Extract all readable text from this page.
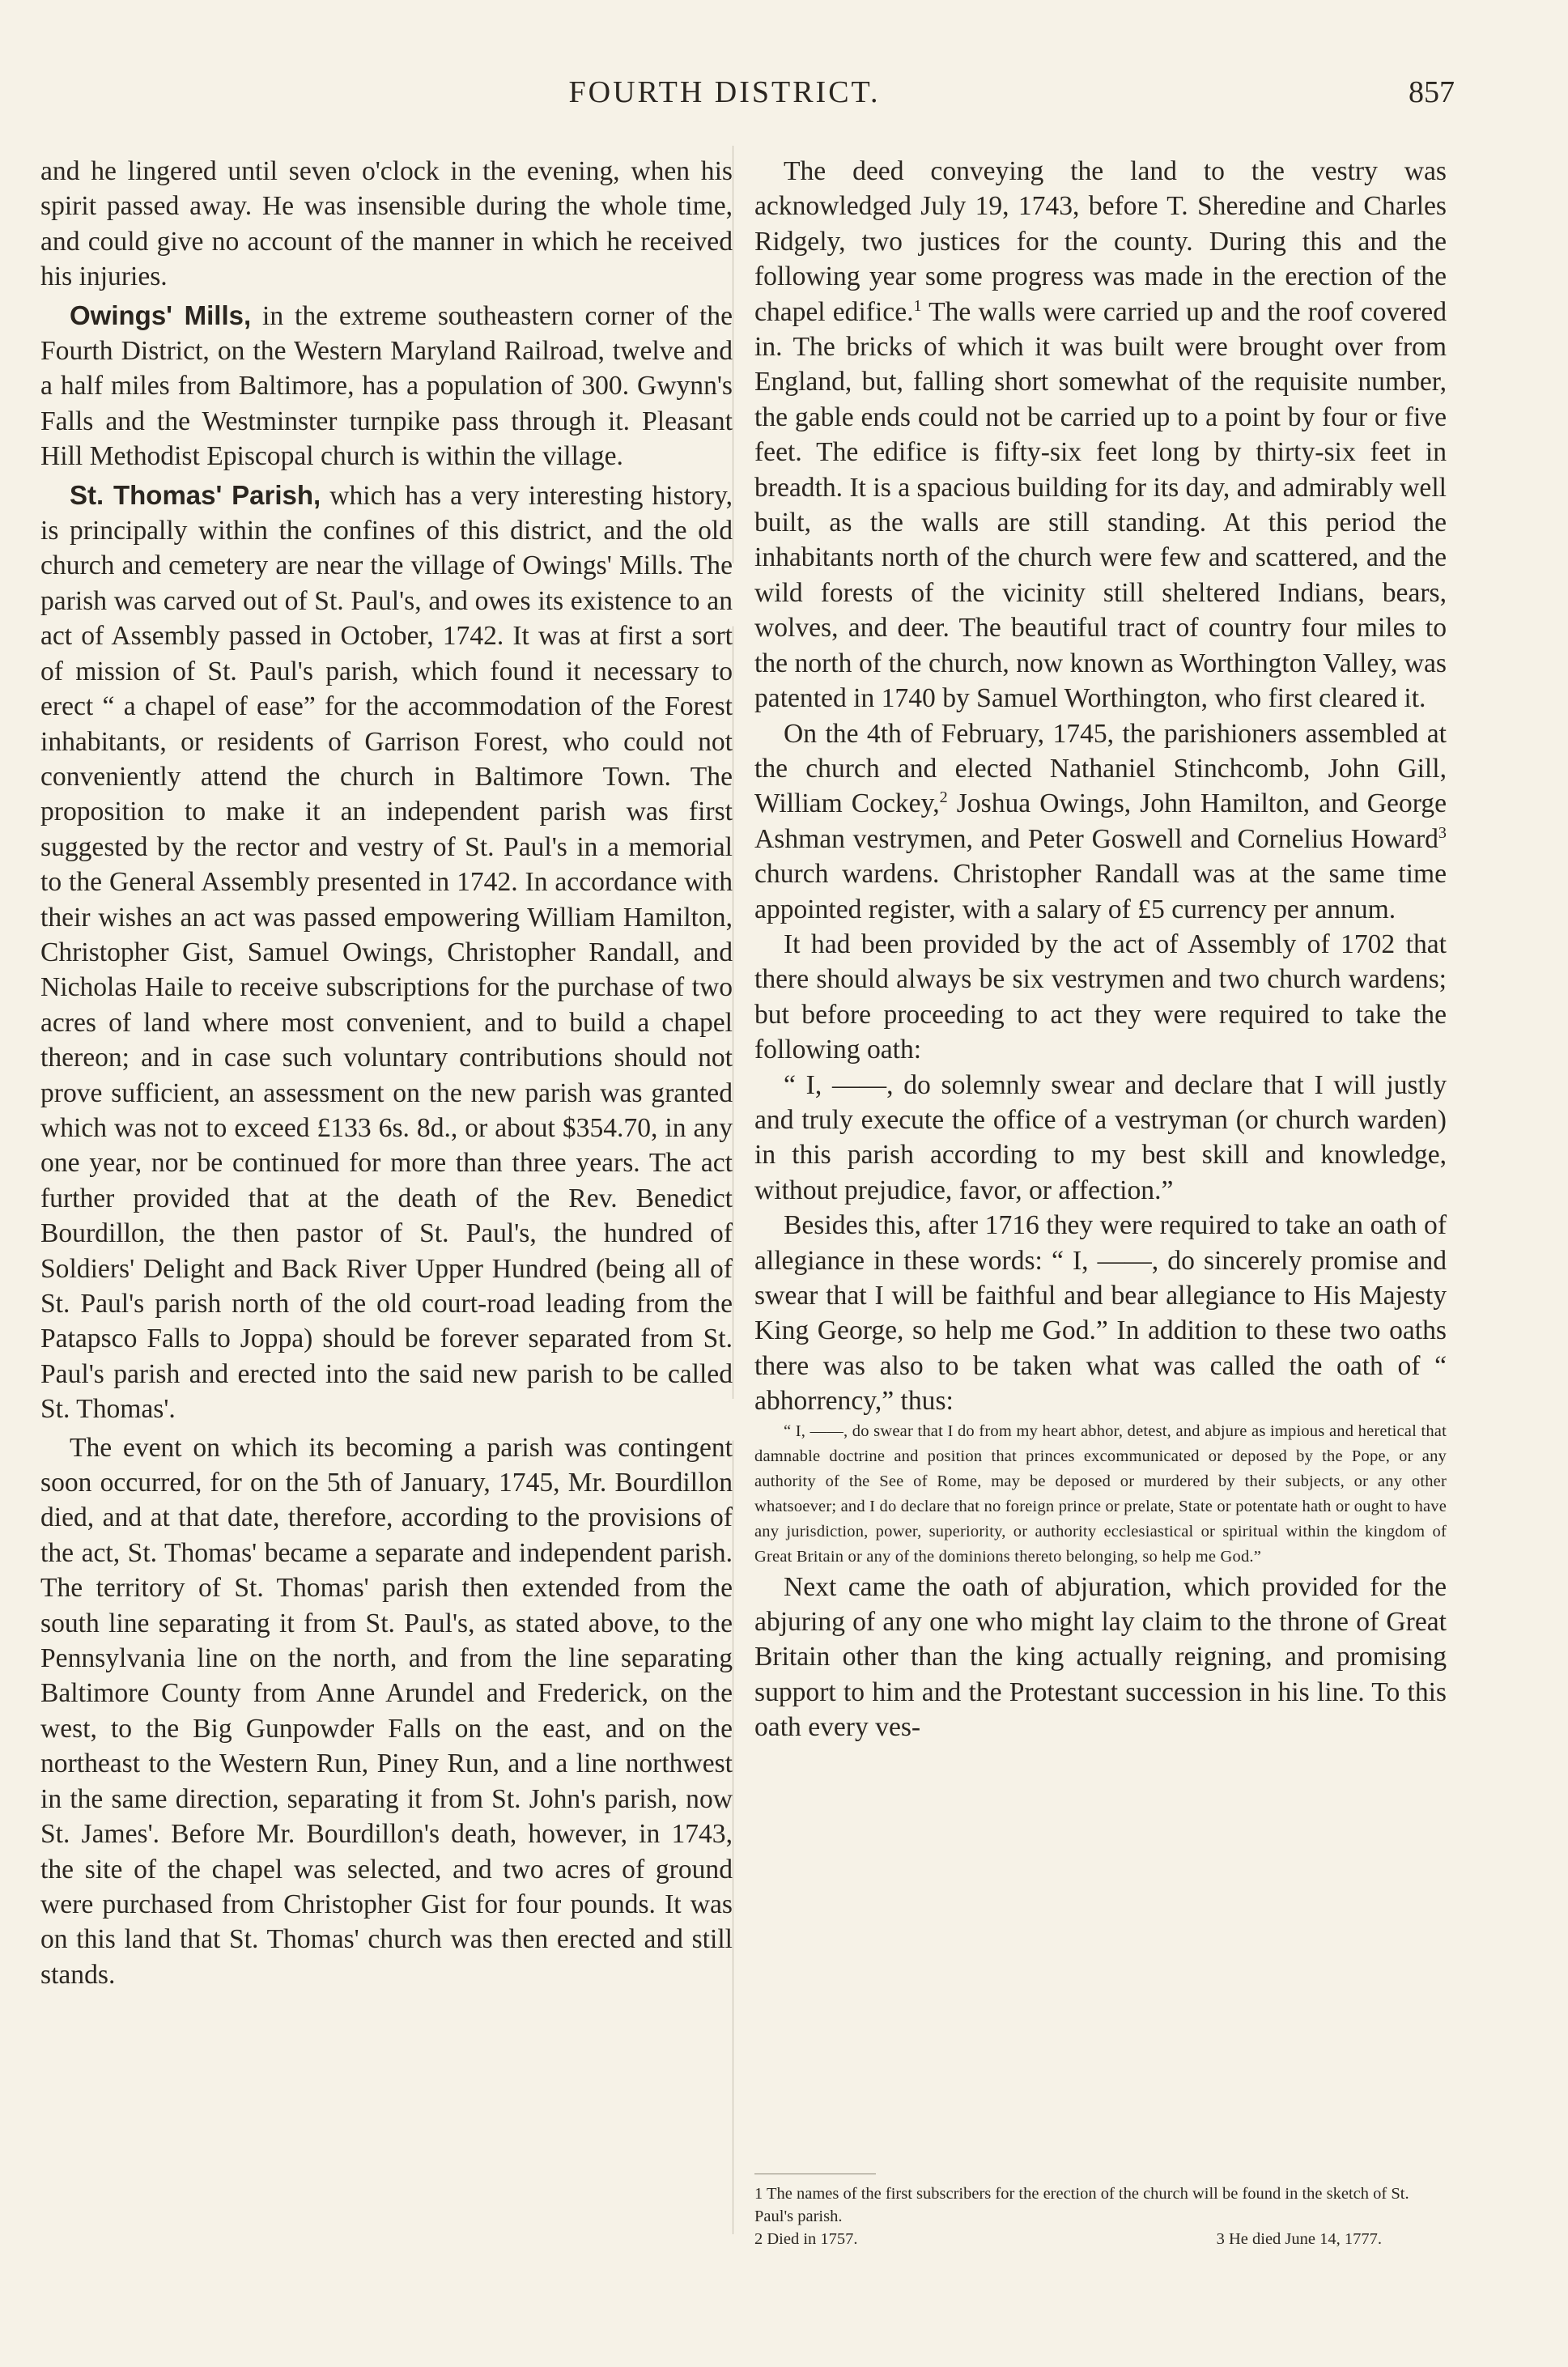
FOURTH DISTRICT.	857

and he lingered until seven o'clock in the evening, when his spirit passed away. He was insensible during the whole time, and could give no account of the manner in which he received his injuries.

Owings' Mills, in the extreme southeastern corner of the Fourth District, on the Western Maryland Railroad, twelve and a half miles from Baltimore, has a population of 300. Gwynn's Falls and the Westminster turnpike pass through it. Pleasant Hill Methodist Episcopal church is within the village.

St. Thomas' Parish, which has a very interesting history, is principally within the confines of this district, and the old church and cemetery are near the village of Owings' Mills. The parish was carved out of St. Paul's, and owes its existence to an act of Assembly passed in October, 1742. It was at first a sort of mission of St. Paul's parish, which found it necessary to erect “ a chapel of ease” for the accommodation of the Forest inhabitants, or residents of Garrison Forest, who could not conveniently attend the church in Baltimore Town. The proposition to make it an independent parish was first suggested by the rector and vestry of St. Paul's in a memorial to the General Assembly presented in 1742. In accordance with their wishes an act was passed empowering William Hamilton, Christopher Gist, Samuel Owings, Christopher Randall, and Nicholas Haile to receive subscriptions for the purchase of two acres of land where most convenient, and to build a chapel thereon; and in case such voluntary contributions should not prove sufficient, an assessment on the new parish was granted which was not to exceed £133 6s. 8d., or about $354.70, in any one year, nor be continued for more than three years. The act further provided that at the death of the Rev. Benedict Bourdillon, the then pastor of St. Paul's, the hundred of Soldiers' Delight and Back River Upper Hundred (being all of St. Paul's parish north of the old court-road leading from the Patapsco Falls to Joppa) should be forever separated from St. Paul's parish and erected into the said new parish to be called St. Thomas'.

The event on which its becoming a parish was contingent soon occurred, for on the 5th of January, 1745, Mr. Bourdillon died, and at that date, therefore, according to the provisions of the act, St. Thomas' became a separate and independent parish. The territory of St. Thomas' parish then extended from the south line separating it from St. Paul's, as stated above, to the Pennsylvania line on the north, and from the line separating Baltimore County from Anne Arundel and Frederick, on the west, to the Big Gunpowder Falls on the east, and on the northeast to the Western Run, Piney Run, and a line northwest in the same direction, separating it from St. John's parish, now St. James'. Before Mr. Bourdillon's death, however, in 1743, the site of the chapel was selected, and two acres of ground were purchased from Christopher Gist for four pounds. It was on this land that St. Thomas' church was then erected and still stands.

The deed conveying the land to the vestry was acknowledged July 19, 1743, before T. Sheredine and Charles Ridgely, two justices for the county. During this and the following year some progress was made in the erection of the chapel edifice.$^1$ The walls were carried up and the roof covered in. The bricks of which it was built were brought over from England, but, falling short somewhat of the requisite number, the gable ends could not be carried up to a point by four or five feet. The edifice is fifty-six feet long by thirty-six feet in breadth. It is a spacious building for its day, and admirably well built, as the walls are still standing. At this period the inhabitants north of the church were few and scattered, and the wild forests of the vicinity still sheltered Indians, bears, wolves, and deer. The beautiful tract of country four miles to the north of the church, now known as Worthington Valley, was patented in 1740 by Samuel Worthington, who first cleared it.

On the 4th of February, 1745, the parishioners assembled at the church and elected Nathaniel Stinchcomb, John Gill, William Cockey,$^2$ Joshua Owings, John Hamilton, and George Ashman vestrymen, and Peter Goswell and Cornelius Howard$^3$ church wardens. Christopher Randall was at the same time appointed register, with a salary of £5 currency per annum.

It had been provided by the act of Assembly of 1702 that there should always be six vestrymen and two church wardens; but before proceeding to act they were required to take the following oath:

“ I, ——, do solemnly swear and declare that I will justly and truly execute the office of a vestryman (or church warden) in this parish according to my best skill and knowledge, without prejudice, favor, or affection.”

Besides this, after 1716 they were required to take an oath of allegiance in these words: “ I, ——, do sincerely promise and swear that I will be faithful and bear allegiance to His Majesty King George, so help me God.” In addition to these two oaths there was also to be taken what was called the oath of “ abhorrency,” thus:

“ I, ——, do swear that I do from my heart abhor, detest, and abjure as impious and heretical that damnable doctrine and position that princes excommunicated or deposed by the Pope, or any authority of the See of Rome, may be deposed or murdered by their subjects, or any other whatsoever; and I do declare that no foreign prince or prelate, State or potentate hath or ought to have any jurisdiction, power, superiority, or authority ecclesiastical or spiritual within the kingdom of Great Britain or any of the dominions thereto belonging, so help me God.”

Next came the oath of abjuration, which provided for the abjuring of any one who might lay claim to the throne of Great Britain other than the king actually reigning, and promising support to him and the Protestant succession in his line. To this oath every ves-

1 The names of the first subscribers for the erection of the church will be found in the sketch of St. Paul's parish.
2 Died in 1757.	3 He died June 14, 1777.
